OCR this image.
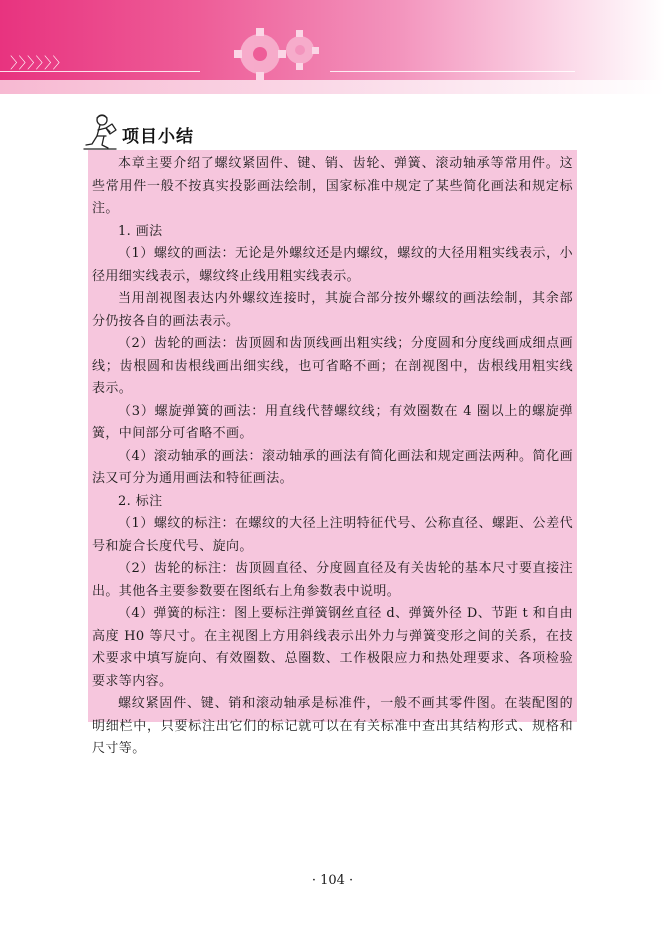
〉〉〉〉〉〉
项目小结

本章主要介绍了螺纹紧固件、键、销、齿轮、弹簧、滚动轴承等常用件。这些常用件一般不按真实投影画法绘制，国家标准中规定了某些简化画法和规定标注。

1. 画法

（1）螺纹的画法：无论是外螺纹还是内螺纹，螺纹的大径用粗实线表示，小径用细实线表示，螺纹终止线用粗实线表示。

当用剖视图表达内外螺纹连接时，其旋合部分按外螺纹的画法绘制，其余部分仍按各自的画法表示。

（2）齿轮的画法：齿顶圆和齿顶线画出粗实线；分度圆和分度线画成细点画线；齿根圆和齿根线画出细实线，也可省略不画；在剖视图中，齿根线用粗实线表示。

（3）螺旋弹簧的画法：用直线代替螺纹线；有效圈数在 4 圈以上的螺旋弹簧，中间部分可省略不画。

（4）滚动轴承的画法：滚动轴承的画法有简化画法和规定画法两种。简化画法又可分为通用画法和特征画法。

2. 标注

（1）螺纹的标注：在螺纹的大径上注明特征代号、公称直径、螺距、公差代号和旋合长度代号、旋向。

（2）齿轮的标注：齿顶圆直径、分度圆直径及有关齿轮的基本尺寸要直接注出。其他各主要参数要在图纸右上角参数表中说明。

（4）弹簧的标注：图上要标注弹簧钢丝直径 d、弹簧外径 D、节距 t 和自由高度 H0 等尺寸。在主视图上方用斜线表示出外力与弹簧变形之间的关系，在技术要求中填写旋向、有效圈数、总圈数、工作极限应力和热处理要求、各项检验要求等内容。

螺纹紧固件、键、销和滚动轴承是标准件，一般不画其零件图。在装配图的明细栏中，只要标注出它们的标记就可以在有关标准中查出其结构形式、规格和尺寸等。

· 104 ·
